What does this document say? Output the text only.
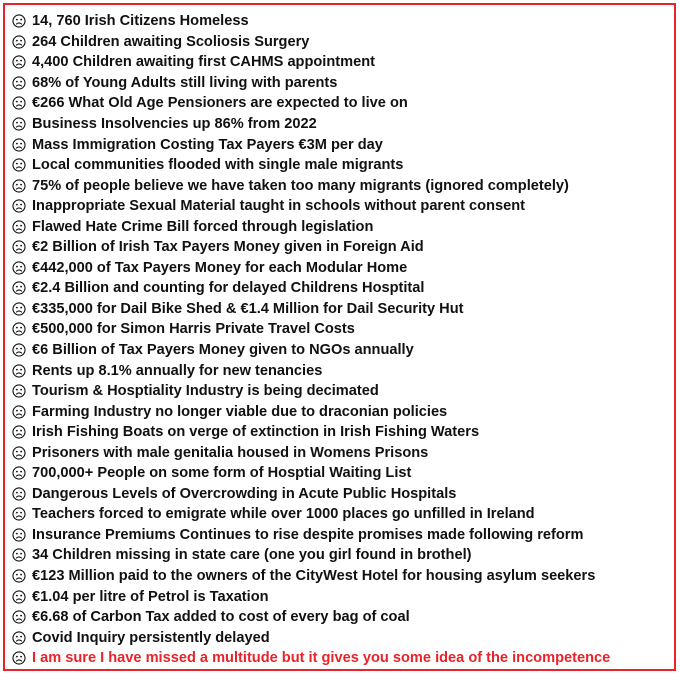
14, 760 Irish Citizens Homeless
264 Children awaiting Scoliosis Surgery
4,400 Children awaiting first CAHMS appointment
68% of Young Adults still living with parents
€266 What Old Age Pensioners are expected to live on
Business Insolvencies up 86% from 2022
Mass Immigration Costing Tax Payers €3M per day
Local communities flooded with single male migrants
75% of people believe we have taken too many migrants (ignored completely)
Inappropriate Sexual Material taught in schools without parent consent
Flawed Hate Crime Bill forced through legislation
€2 Billion of Irish Tax Payers Money given in Foreign Aid
€442,000 of Tax Payers Money for each Modular Home
€2.4 Billion and counting for delayed Childrens Hosptital
€335,000 for Dail Bike Shed & €1.4 Million for Dail Security Hut
€500,000 for Simon Harris Private Travel Costs
€6 Billion of Tax Payers Money given to NGOs annually
Rents up 8.1% annually for new tenancies
Tourism & Hosptiality Industry is being decimated
Farming Industry no longer viable due to draconian policies
Irish Fishing Boats on verge of extinction in Irish Fishing Waters
Prisoners with male genitalia housed in Womens Prisons
700,000+ People on some form of Hosptial Waiting List
Dangerous Levels of Overcrowding in Acute Public Hospitals
Teachers forced to emigrate while over 1000 places go unfilled in Ireland
Insurance Premiums Continues to rise despite promises made following reform
34 Children missing in state care (one you girl found in brothel)
€123 Million paid to the owners of the CityWest Hotel for housing asylum seekers
€1.04 per litre of Petrol is Taxation
€6.68 of Carbon Tax added to cost of every bag of coal
Covid Inquiry persistently delayed
I am sure I have missed a multitude but it gives you some idea of the incompetence
